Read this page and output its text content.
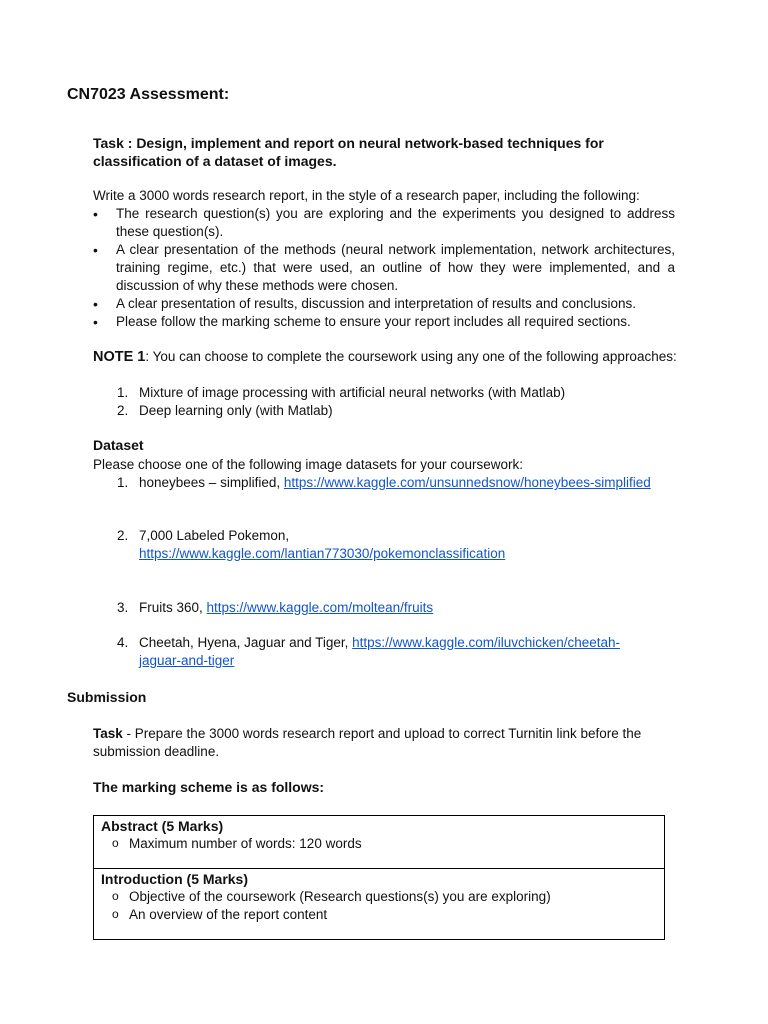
CN7023 Assessment:
Task : Design, implement and report on neural network-based techniques for classification of a dataset of images.
Write a 3000 words research report, in the style of a research paper, including the following:
• The research question(s) you are exploring and the experiments you designed to address these question(s).
• A clear presentation of the methods (neural network implementation, network architectures, training regime, etc.) that were used, an outline of how they were implemented, and a discussion of why these methods were chosen.
• A clear presentation of results, discussion and interpretation of results and conclusions.
• Please follow the marking scheme to ensure your report includes all required sections.
NOTE 1: You can choose to complete the coursework using any one of the following approaches:
1. Mixture of image processing with artificial neural networks (with Matlab)
2. Deep learning only (with Matlab)
Dataset
Please choose one of the following image datasets for your coursework:
1. honeybees – simplified, https://www.kaggle.com/unsunnedsnow/honeybees-simplified
2. 7,000 Labeled Pokemon,
https://www.kaggle.com/lantian773030/pokemonclassification
3. Fruits 360, https://www.kaggle.com/moltean/fruits
4. Cheetah, Hyena, Jaguar and Tiger, https://www.kaggle.com/iluvchicken/cheetah-jaguar-and-tiger
Submission
Task - Prepare the 3000 words research report and upload to correct Turnitin link before the submission deadline.
The marking scheme is as follows:
Abstract (5 Marks)
o Maximum number of words: 120 words

Introduction (5 Marks)
o Objective of the coursework (Research questions(s) you are exploring)
o An overview of the report content
